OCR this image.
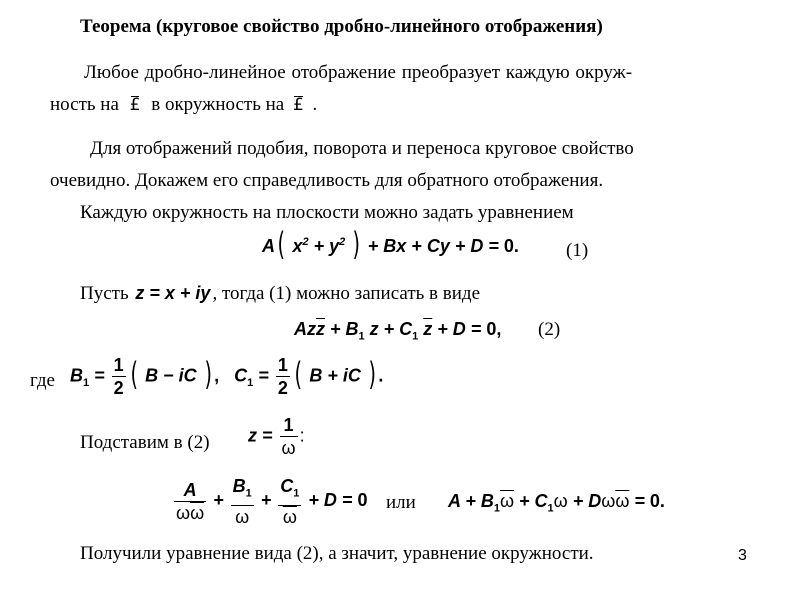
Теорема (круговое свойство дробно-линейного отображения)
Любое дробно-линейное отображение преобразует каждую окруж-
ность на £ в окружность на £ .
Для отображений подобия, поворота и переноса круговое свойство
очевидно. Докажем его справедливость для обратного отображения.
Каждую окружность на плоскости можно задать уравнением
A( $x^2 + y^2$ ) + Bx + Cy + D = 0. (1)
Пусть z = x + iy , тогда (1) можно записать в виде
$Az\overline{z} + B_1$ $z + C_1$ $\overline{z} + D = 0$, (2)
где $B_1 = \frac{1}{2}$ ( B − iC ) ,   $C_1 = \frac{1}{2}$ ( B + iC ) .
Подставим в (2) $z = \frac{1}{\omega}$ :
$\frac{A}{\omega\overline{\omega}} + \frac{B_1}{\omega} + \frac{C_1}{\omega} + D = 0$ или $A + B_1\overline{\omega} + C_1\omega + D\omega\overline{\omega} = 0$.
Получили уравнение вида (2), а значит, уравнение окружности.	3
